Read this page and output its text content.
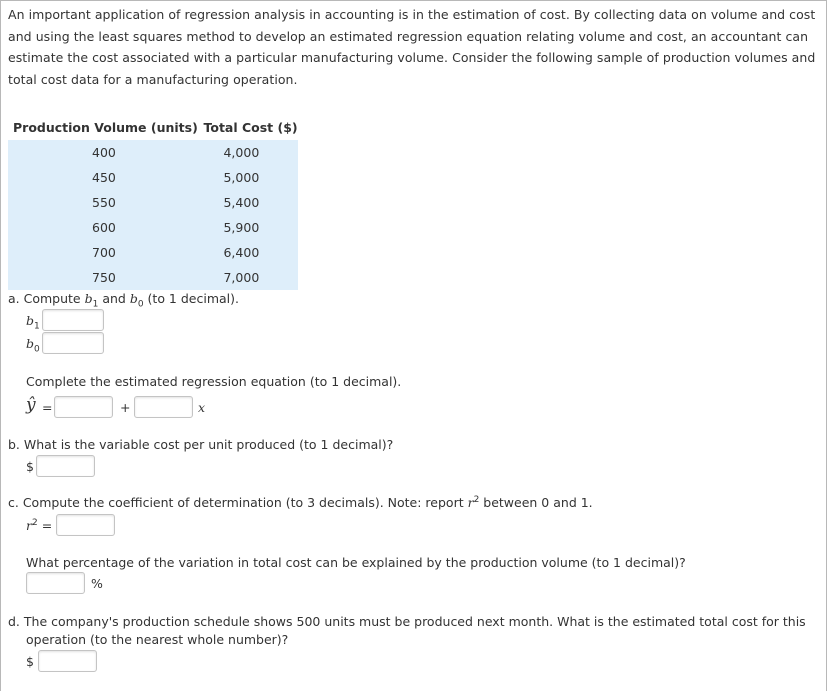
An important application of regression analysis in accounting is in the estimation of cost. By collecting data on volume and cost and using the least squares method to develop an estimated regression equation relating volume and cost, an accountant can estimate the cost associated with a particular manufacturing volume. Consider the following sample of production volumes and total cost data for a manufacturing operation.

Production Volume (units)	Total Cost ($)
400	4,000
450	5,000
550	5,400
600	5,900
700	6,400
750	7,000
a. Compute $b_1$ and $b_0$ (to 1 decimal).
$b_1$
$b_0$
Complete the estimated regression equation (to 1 decimal).
ŷ =	+	x
b. What is the variable cost per unit produced (to 1 decimal)?
$
c. Compute the coefficient of determination (to 3 decimals). Note: report $r^2$ between 0 and 1.
$r^2$ =
What percentage of the variation in total cost can be explained by the production volume (to 1 decimal)?
%
d. The company's production schedule shows 500 units must be produced next month. What is the estimated total cost for this
operation (to the nearest whole number)?
$
